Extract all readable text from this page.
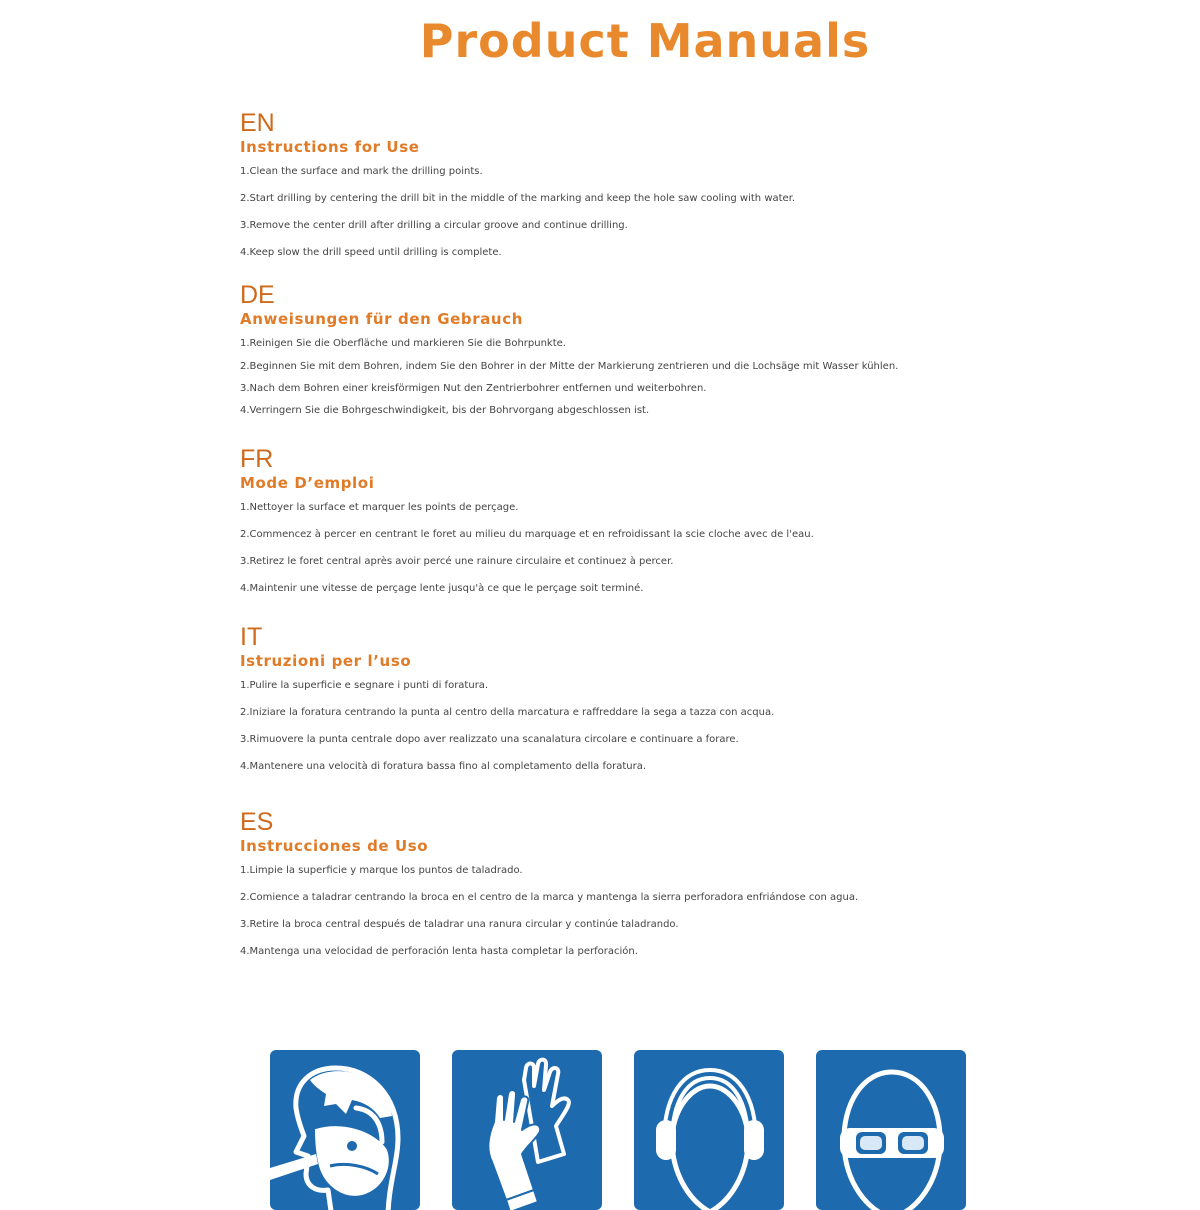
Product Manuals
EN
Instructions for Use
1.Clean the surface and mark the drilling points.
2.Start drilling by centering the drill bit in the middle of the marking and keep the hole saw cooling with water.
3.Remove the center drill after drilling a circular groove and continue drilling.
4.Keep slow the drill speed until drilling is complete.
DE
Anweisungen für den Gebrauch
1.Reinigen Sie die Oberfläche und markieren Sie die Bohrpunkte.
2.Beginnen Sie mit dem Bohren, indem Sie den Bohrer in der Mitte der Markierung zentrieren und die Lochsäge mit Wasser kühlen.
3.Nach dem Bohren einer kreisförmigen Nut den Zentrierbohrer entfernen und weiterbohren.
4.Verringern Sie die Bohrgeschwindigkeit, bis der Bohrvorgang abgeschlossen ist.
FR
Mode D’emploi
1.Nettoyer la surface et marquer les points de perçage.
2.Commencez à percer en centrant le foret au milieu du marquage et en refroidissant la scie cloche avec de l'eau.
3.Retirez le foret central après avoir percé une rainure circulaire et continuez à percer.
4.Maintenir une vitesse de perçage lente jusqu'à ce que le perçage soit terminé.
IT
Istruzioni per l’uso
1.Pulire la superficie e segnare i punti di foratura.
2.Iniziare la foratura centrando la punta al centro della marcatura e raffreddare la sega a tazza con acqua.
3.Rimuovere la punta centrale dopo aver realizzato una scanalatura circolare e continuare a forare.
4.Mantenere una velocità di foratura bassa fino al completamento della foratura.
ES
Instrucciones de Uso
1.Limpie la superficie y marque los puntos de taladrado.
2.Comience a taladrar centrando la broca en el centro de la marca y mantenga la sierra perforadora enfriándose con agua.
3.Retire la broca central después de taladrar una ranura circular y continúe taladrando.
4.Mantenga una velocidad de perforación lenta hasta completar la perforación.
